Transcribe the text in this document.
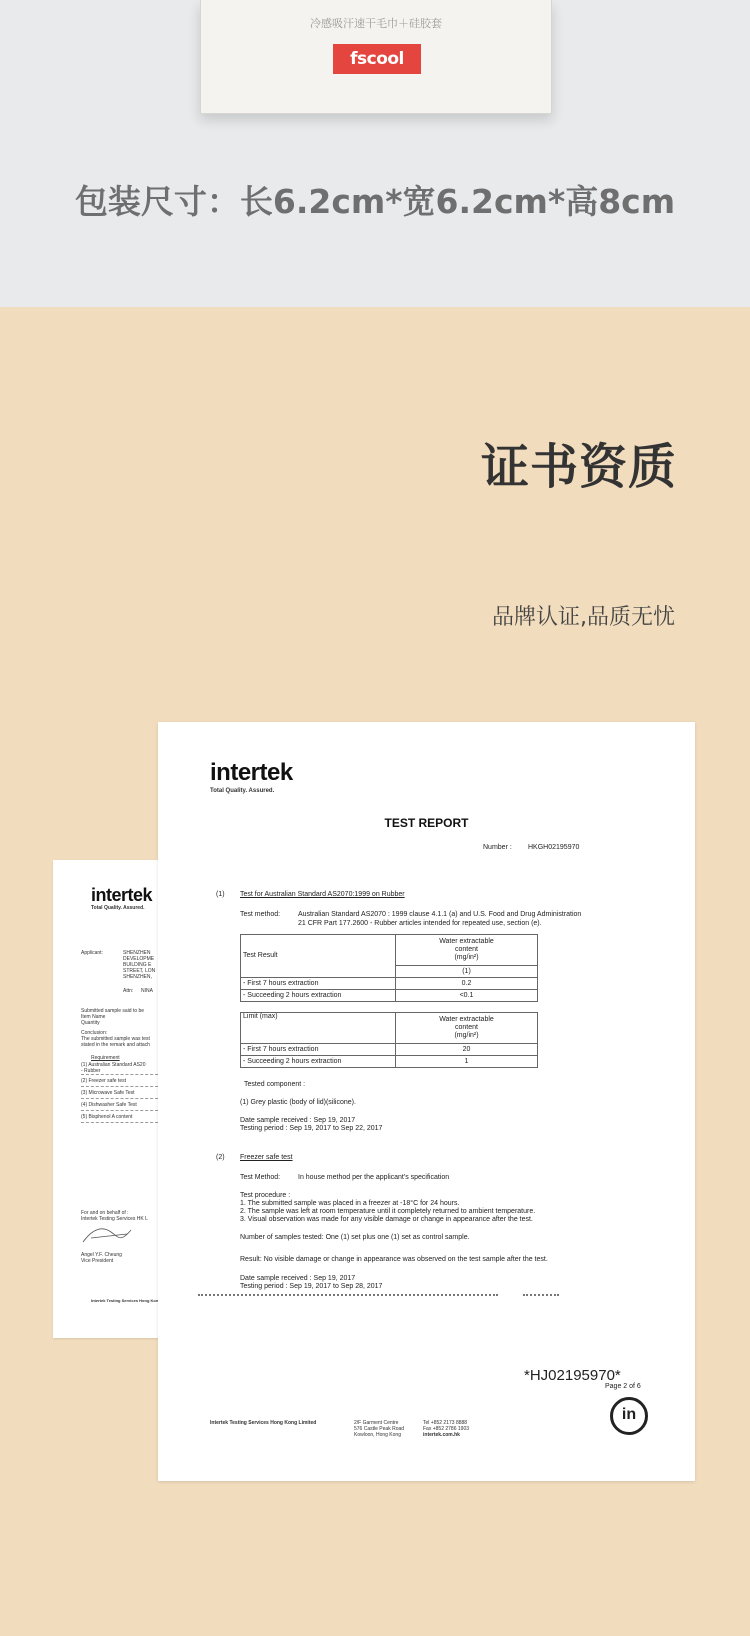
冷感吸汗速干毛巾＋硅胶套
fscool
包装尺寸：长6.2cm*宽6.2cm*高8cm
证书资质
品牌认证,品质无忧
intertek
Total Quality. Assured.
Applicant:	SHENZHEN
DEVELOPME
BUILDING E
STREET, LON
SHENZHEN,
Attn: NINA
Submitted sample said to be
Item Name
Quantity
Conclusion:
The submitted sample was test
stated in the remark and attach
Requirement
(1) Australian Standard AS20
- Rubber
(2) Freezer safe test
(3) Microwave Safe Test
(4) Dishwasher Safe Test
(5) Bisphenol A content
For and on behalf of :
Intertek Testing Services HK L
Angel Y.F. Cheung
Vice President
Intertek Testing Services Hong Kon
intertek
Total Quality. Assured.
TEST REPORT
Number : HKGH02195970
(1) Test for Australian Standard AS2070:1999 on Rubber
Test method:	Australian Standard AS2070 : 1999 clause 4.1.1 (a) and U.S. Food and Drug Administration
21 CFR Part 177.2600 - Rubber articles intended for repeated use, section (e).
Test Result	Water extractable
content
(mg/in²)

	(1)
- First 7 hours extraction	0.2
- Succeeding 2 hours extraction	<0.1
Limit (max)	Water extractable
content
(mg/in²)

- First 7 hours extraction	20
- Succeeding 2 hours extraction	1
Tested component :
(1) Grey plastic (body of lid)(silicone).
Date sample received : Sep 19, 2017
Testing period : Sep 19, 2017 to Sep 22, 2017
(2) Freezer safe test
Test Method:	In house method per the applicant's specification
Test procedure :
1. The submitted sample was placed in a freezer at -18°C for 24 hours.
2. The sample was left at room temperature until it completely returned to ambient temperature.
3. Visual observation was made for any visible damage or change in appearance after the test.
Number of samples tested: One (1) set plus one (1) set as control sample.
Result: No visible damage or change in appearance was observed on the test sample after the test.
Date sample received : Sep 19, 2017
Testing period : Sep 19, 2017 to Sep 28, 2017
*HJ02195970*
Page 2 of 6
Intertek Testing Services Hong Kong Limited	2/F Garment Centre
576 Castle Peak Road
Kowloon, Hong Kong
Tel +852 2173 8888
Fax +852 2786 1903
intertek.com.hk
in
